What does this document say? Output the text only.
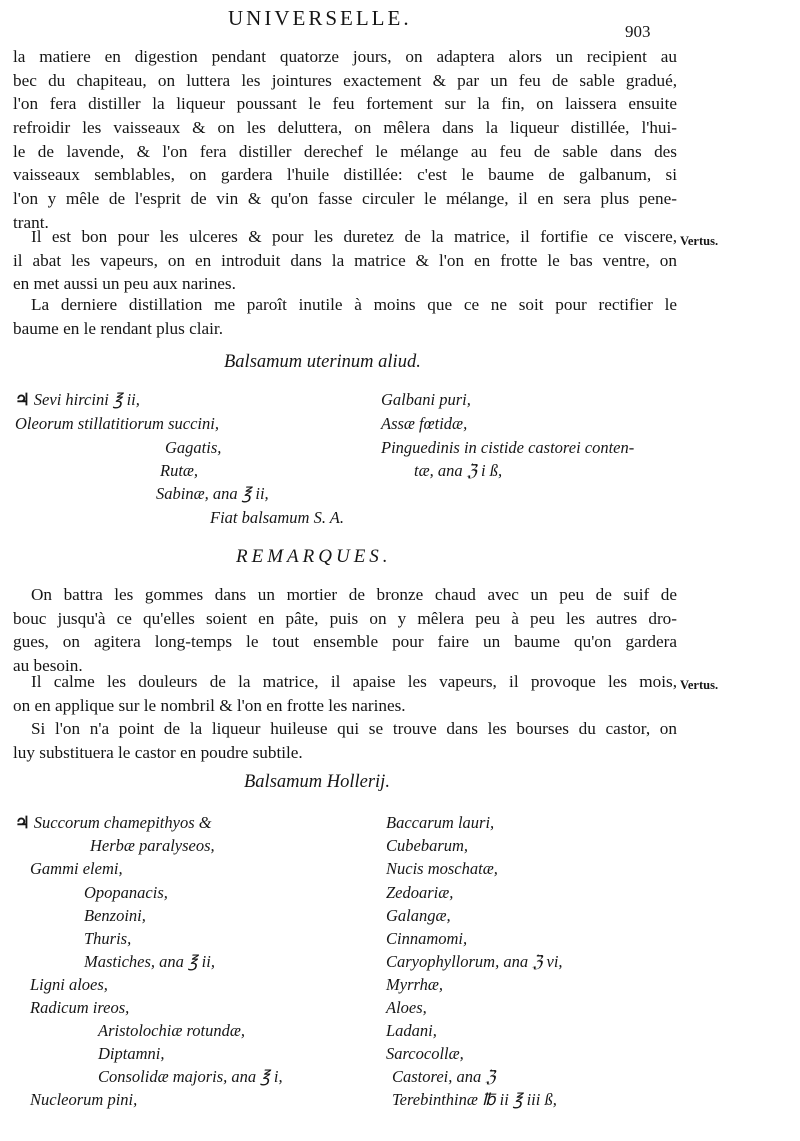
UNIVERSELLE.
903
la matiere en digestion pendant quatorze jours, on adaptera alors un recipient au
bec du chapiteau, on luttera les jointures exactement & par un feu de sable gradué,
l'on fera distiller la liqueur poussant le feu fortement sur la fin, on laissera ensuite
refroidir les vaisseaux & on les deluttera, on mêlera dans la liqueur distillée, l'hui-
le de lavende, & l'on fera distiller derechef le mélange au feu de sable dans des
vaisseaux semblables, on gardera l'huile distillée: c'est le baume de galbanum, si
l'on y mêle de l'esprit de vin & qu'on fasse circuler le mélange, il en sera plus pene-
trant.
Il est bon pour les ulceres & pour les duretez de la matrice, il fortifie ce viscere,
il abat les vapeurs, on en introduit dans la matrice & l'on en frotte le bas ventre, on
en met aussi un peu aux narines.
Vertus.
La derniere distillation me paroît inutile à moins que ce ne soit pour rectifier le
baume en le rendant plus clair.
Balsamum uterinum aliud.
♃ Sevi hircini ℥ ii,
Oleorum stillatitiorum succini,
Gagatis,
Rutæ,
Sabinæ, ana ℥ ii,
Galbani puri,
Assæ fœtidæ,
Pinguedinis in cistide castorei conten-
tæ, ana ℨ i ß,
Fiat balsamum S. A.
REMARQUES.
On battra les gommes dans un mortier de bronze chaud avec un peu de suif de
bouc jusqu'à ce qu'elles soient en pâte, puis on y mêlera peu à peu les autres dro-
gues, on agitera long-temps le tout ensemble pour faire un baume qu'on gardera
au besoin.
Il calme les douleurs de la matrice, il apaise les vapeurs, il provoque les mois,
on en applique sur le nombril & l'on en frotte les narines.
Vertus.
Si l'on n'a point de la liqueur huileuse qui se trouve dans les bourses du castor, on
luy substituera le castor en poudre subtile.
Balsamum Hollerij.
♃ Succorum chamepithyos &
Herbæ paralyseos,
Gammi elemi,
Opopanacis,
Benzoini,
Thuris,
Mastiches, ana ℥ ii,
Ligni aloes,
Radicum ireos,
Aristolochiæ rotundæ,
Diptamni,
Consolidæ majoris, ana ℥ i,
Nucleorum pini,
Baccarum lauri,
Cubebarum,
Nucis moschatæ,
Zedoariæ,
Galangæ,
Cinnamomi,
Caryophyllorum, ana ℨ vi,
Myrrhæ,
Aloes,
Ladani,
Sarcocollæ,
Castorei, ana ℨ
Terebinthinæ ℔ ii ℥ iii ß,
